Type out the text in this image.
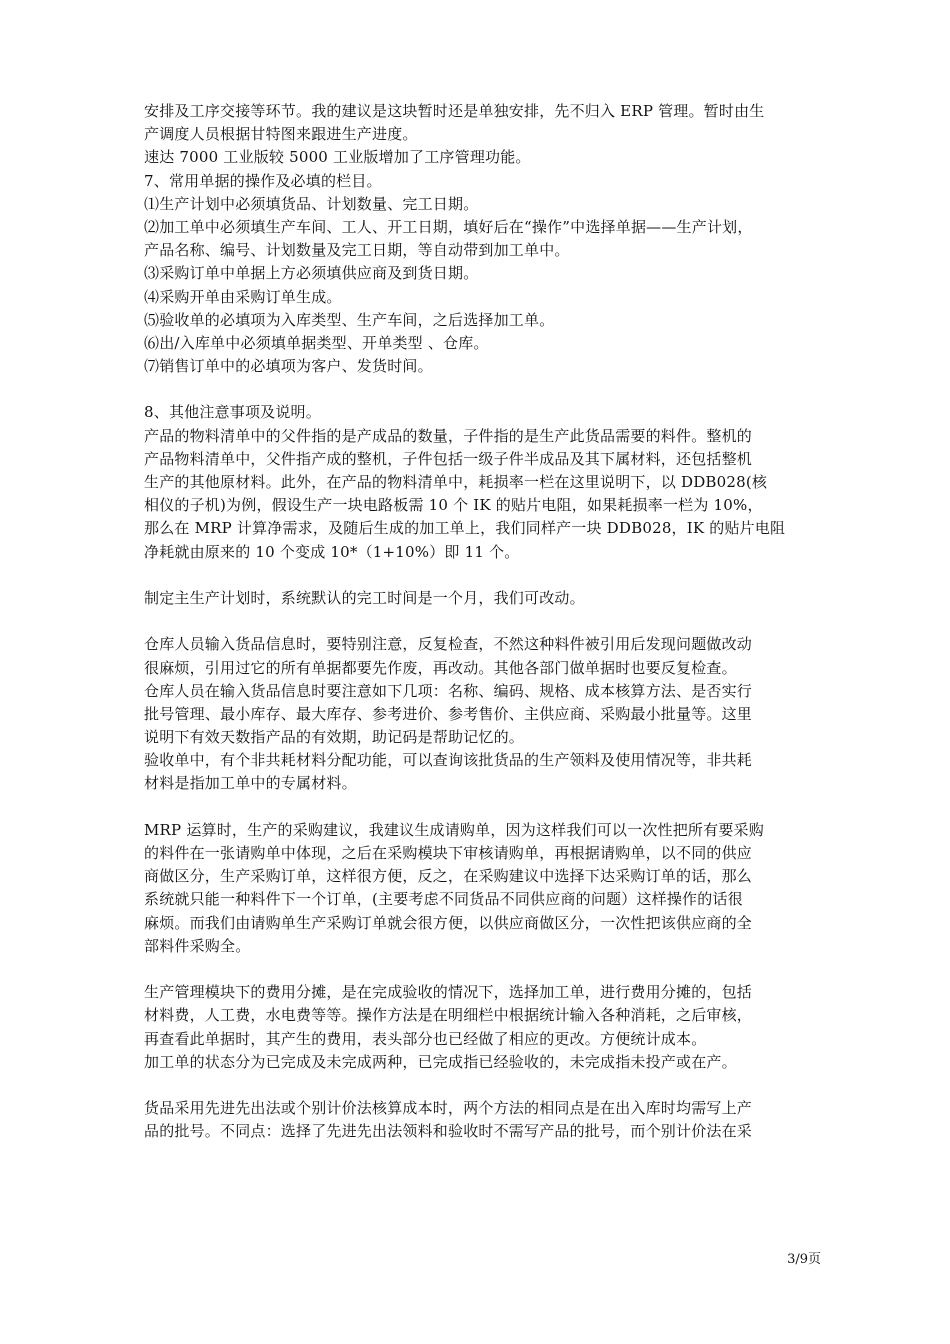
安排及工序交接等环节。我的建议是这块暂时还是单独安排，先不归入 ERP 管理。暂时由生
产调度人员根据甘特图来跟进生产进度。
速达 7000 工业版较 5000 工业版增加了工序管理功能。
7、常用单据的操作及必填的栏目。
⑴生产计划中必须填货品、计划数量、完工日期。
⑵加工单中必须填生产车间、工人、开工日期，填好后在“操作”中选择单据——生产计划，
产品名称、编号、计划数量及完工日期，等自动带到加工单中。
⑶采购订单中单据上方必须填供应商及到货日期。
⑷采购开单由采购订单生成。
⑸验收单的必填项为入库类型、生产车间，之后选择加工单。
⑹出/入库单中必须填单据类型、开单类型 、仓库。
⑺销售订单中的必填项为客户、发货时间。
8、其他注意事项及说明。
产品的物料清单中的父件指的是产成品的数量，子件指的是生产此货品需要的料件。整机的
产品物料清单中，父件指产成的整机，子件包括一级子件半成品及其下属材料，还包括整机
生产的其他原材料。此外，在产品的物料清单中，耗损率一栏在这里说明下，以 DDB028(核
相仪的子机)为例，假设生产一块电路板需 10 个 IK 的贴片电阻，如果耗损率一栏为 10%，
那么在 MRP 计算净需求，及随后生成的加工单上，我们同样产一块 DDB028，IK 的贴片电阻
净耗就由原来的 10 个变成 10*（1+10%）即 11 个。
制定主生产计划时，系统默认的完工时间是一个月，我们可改动。
仓库人员输入货品信息时，要特别注意，反复检查，不然这种料件被引用后发现问题做改动
很麻烦，引用过它的所有单据都要先作废，再改动。其他各部门做单据时也要反复检查。
仓库人员在输入货品信息时要注意如下几项：名称、编码、规格、成本核算方法、是否实行
批号管理、最小库存、最大库存、参考进价、参考售价、主供应商、采购最小批量等。这里
说明下有效天数指产品的有效期，助记码是帮助记忆的。
验收单中，有个非共耗材料分配功能，可以查询该批货品的生产领料及使用情况等，非共耗
材料是指加工单中的专属材料。
MRP 运算时，生产的采购建议，我建议生成请购单，因为这样我们可以一次性把所有要采购
的料件在一张请购单中体现，之后在采购模块下审核请购单，再根据请购单，以不同的供应
商做区分，生产采购订单，这样很方便，反之，在采购建议中选择下达采购订单的话，那么
系统就只能一种料件下一个订单，(主要考虑不同货品不同供应商的问题）这样操作的话很
麻烦。而我们由请购单生产采购订单就会很方便，以供应商做区分，一次性把该供应商的全
部料件采购全。
生产管理模块下的费用分摊，是在完成验收的情况下，选择加工单，进行费用分摊的，包括
材料费，人工费，水电费等等。操作方法是在明细栏中根据统计输入各种消耗，之后审核，
再查看此单据时，其产生的费用，表头部分也已经做了相应的更改。方便统计成本。
加工单的状态分为已完成及未完成两种，已完成指已经验收的，未完成指未投产或在产。
货品采用先进先出法或个别计价法核算成本时，两个方法的相同点是在出入库时均需写上产
品的批号。不同点：选择了先进先出法领料和验收时不需写产品的批号，而个别计价法在采
3/9页
